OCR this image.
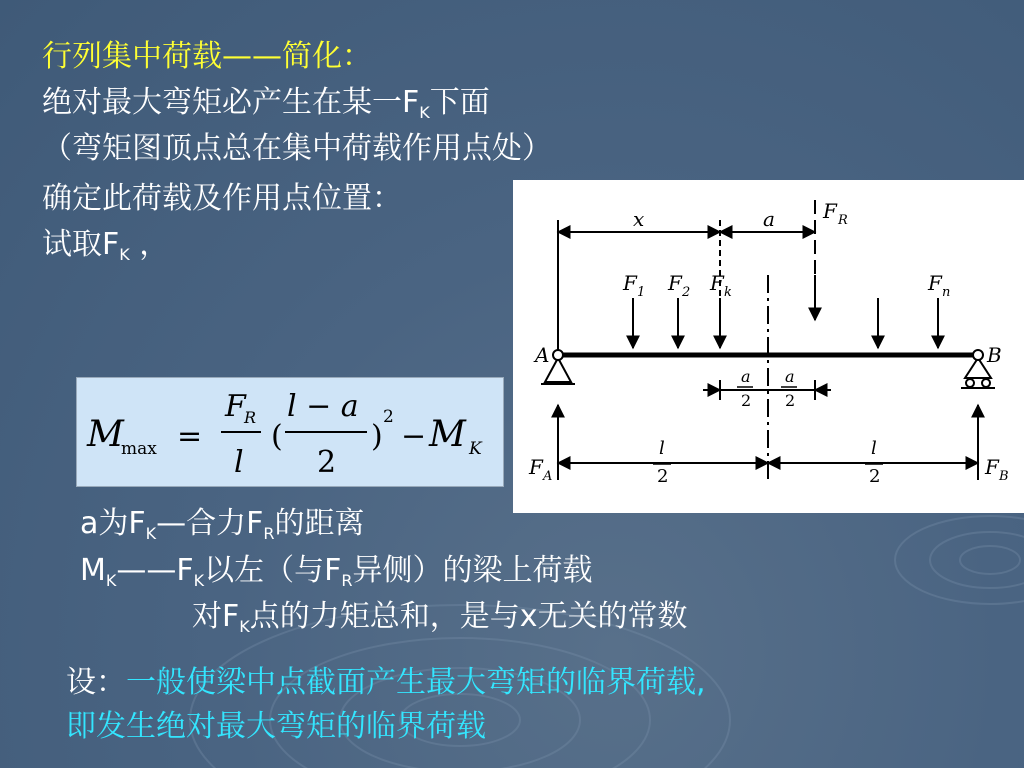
行列集中荷载——简化：
绝对最大弯矩必产生在某一$F_K$下面
（弯矩图顶点总在集中荷载作用点处）
确定此荷载及作用点位置：
试取$F_K$ ，
M
max =
F
R
l
(
l − a
2
)
2
− M K
x	a F R
F 1 F 2 F k	F n
A	B
a
2
a
2
l
2
l
2
F A	F B
a为$F_K—$合力$F_R$的距离
$M_K——F_K$以左（与$F_R$异侧）的梁上荷载
对$F_K$点的力矩总和，是与x无关的常数
设：一般使梁中点截面产生最大弯矩的临界荷载,
即发生绝对最大弯矩的临界荷载
